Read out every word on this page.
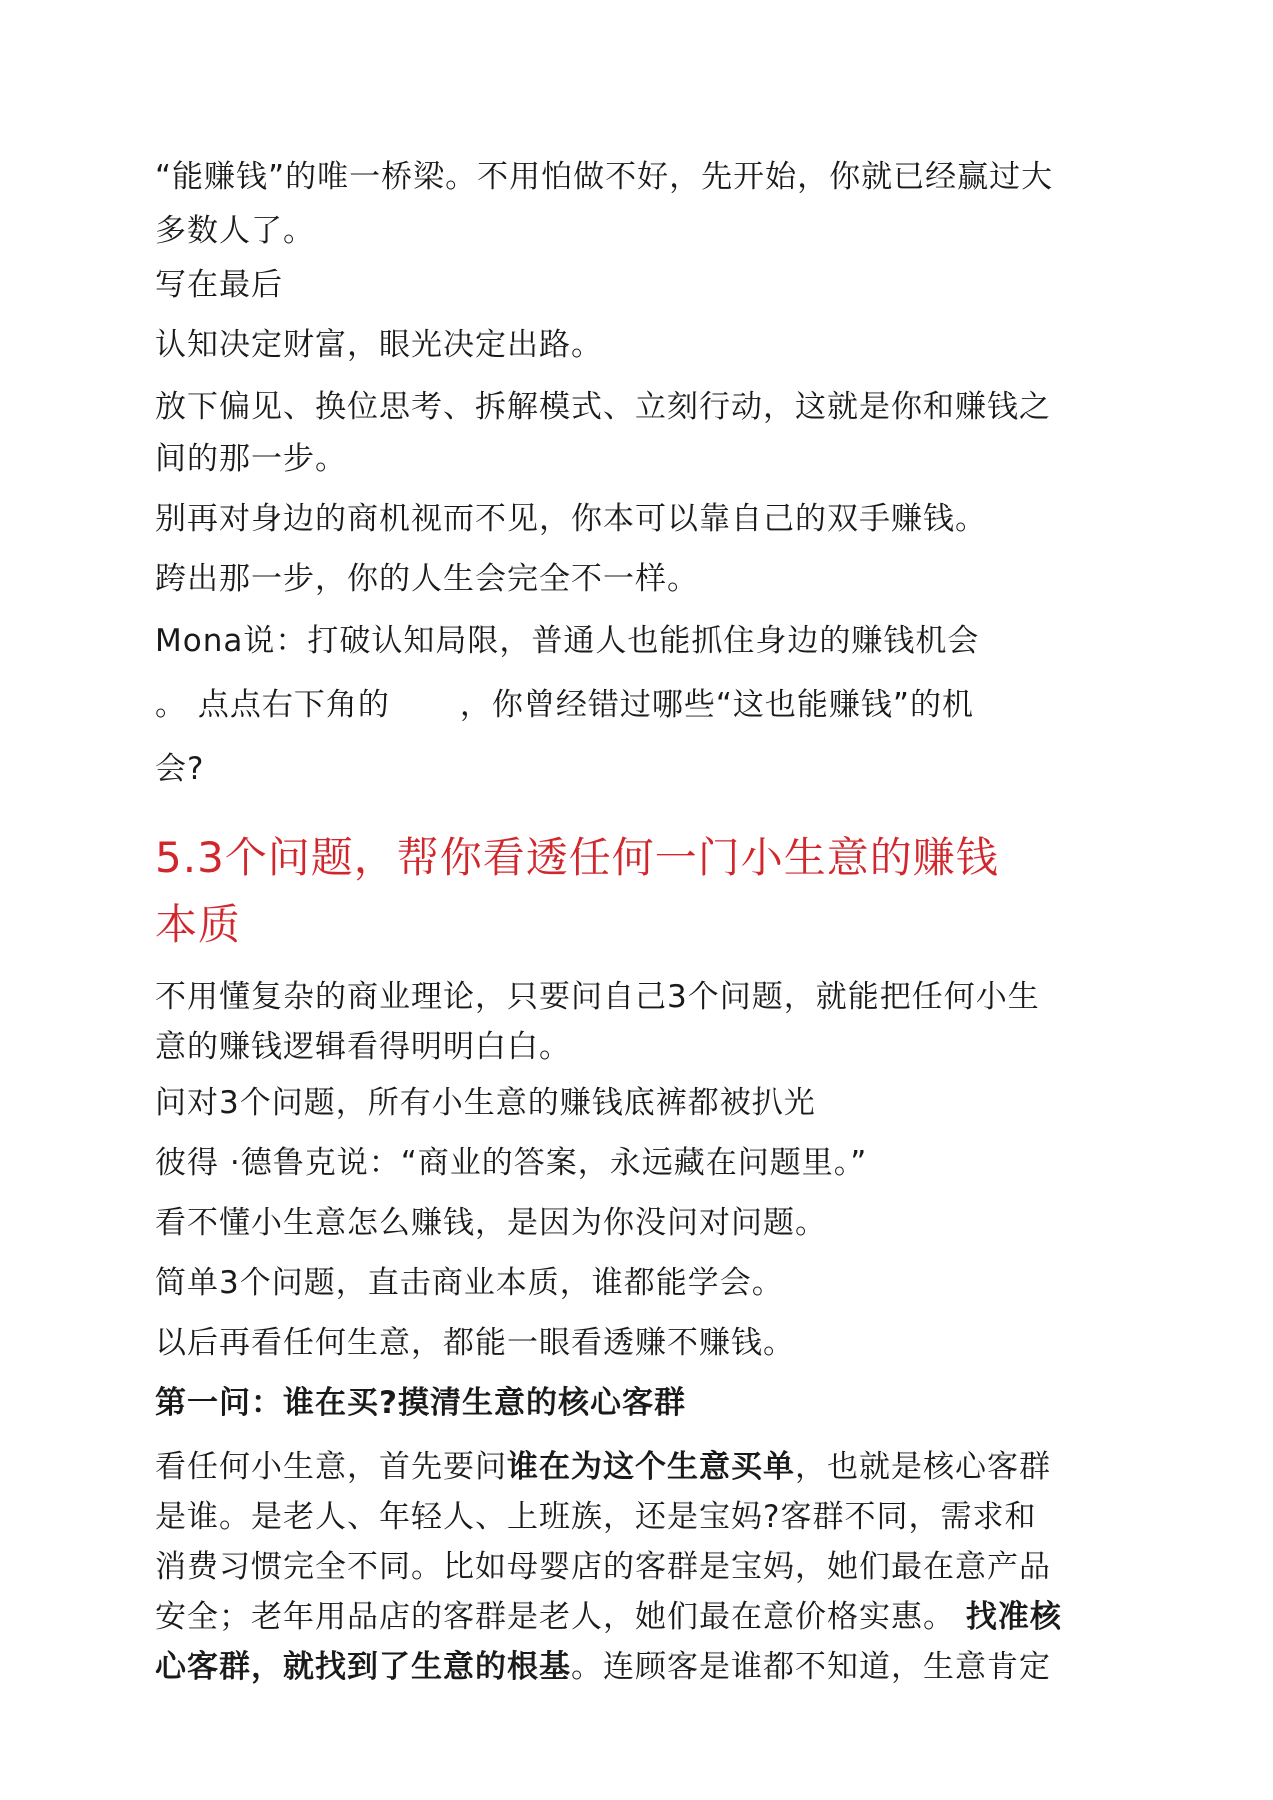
“能赚钱”的唯一桥梁。不用怕做不好，先开始，你就已经赢过大

多数人了。

写在最后

认知决定财富，眼光决定出路。

放下偏见、换位思考、拆解模式、立刻行动，这就是你和赚钱之

间的那一步。

别再对身边的商机视而不见，你本可以靠自己的双手赚钱。

跨出那一步，你的人生会完全不一样。

Mona说：打破认知局限，普通人也能抓住身边的赚钱机会

。 点点右下角的 ，你曾经错过哪些“这也能赚钱”的机

会?

5.3个问题，帮你看透任何一门小生意的赚钱
本质

不用懂复杂的商业理论，只要问自己3个问题，就能把任何小生

意的赚钱逻辑看得明明白白。

问对3个问题，所有小生意的赚钱底裤都被扒光

彼得 ·德鲁克说：“商业的答案，永远藏在问题里。”

看不懂小生意怎么赚钱，是因为你没问对问题。

简单3个问题，直击商业本质，谁都能学会。

以后再看任何生意，都能一眼看透赚不赚钱。

第一问：谁在买?摸清生意的核心客群

看任何小生意，首先要问谁在为这个生意买单，也就是核心客群

是谁。是老人、年轻人、上班族，还是宝妈?客群不同，需求和

消费习惯完全不同。比如母婴店的客群是宝妈，她们最在意产品

安全；老年用品店的客群是老人，她们最在意价格实惠。 找准核

心客群，就找到了生意的根基。连顾客是谁都不知道，生意肯定
